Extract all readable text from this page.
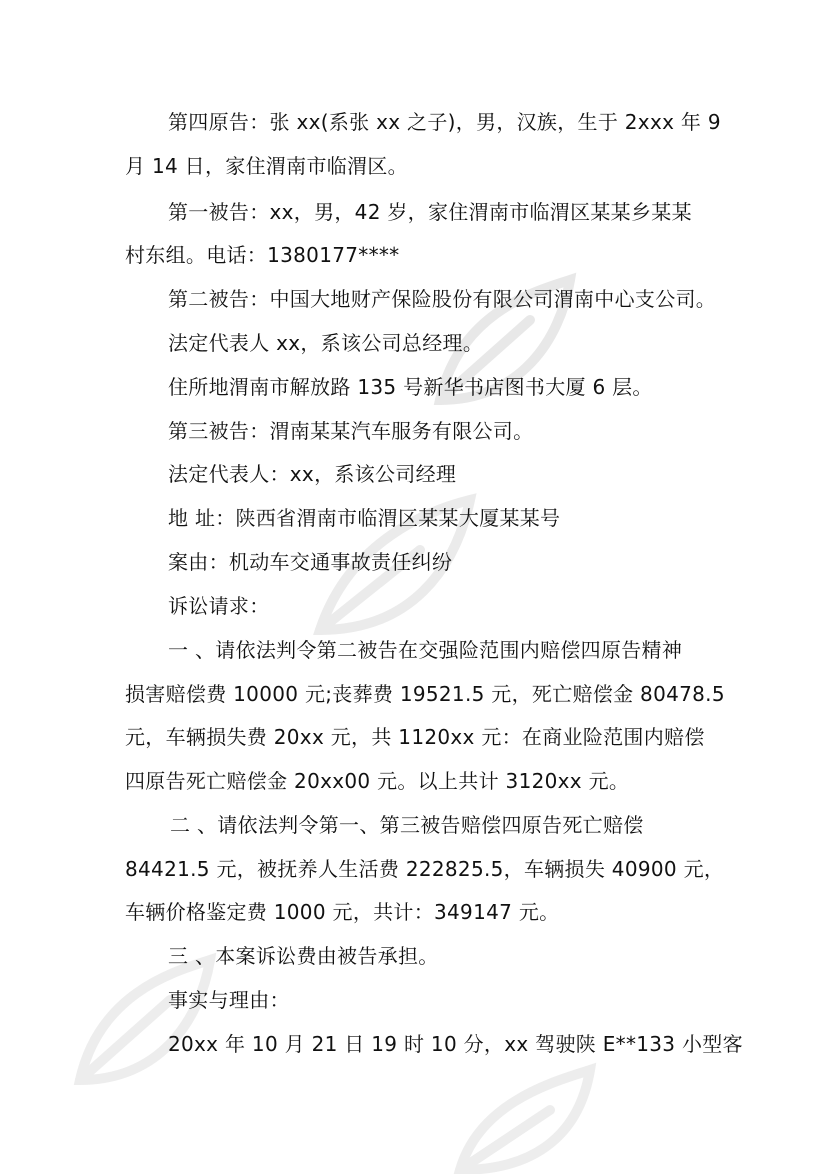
第四原告：张 xx(系张 xx 之子)，男，汉族，生于 2xxx 年 9
月 14 日，家住渭南市临渭区。
第一被告：xx，男，42 岁，家住渭南市临渭区某某乡某某
村东组。电话：1380177****
第二被告：中国大地财产保险股份有限公司渭南中心支公司。
法定代表人 xx，系该公司总经理。
住所地渭南市解放路 135 号新华书店图书大厦 6 层。
第三被告：渭南某某汽车服务有限公司。
法定代表人：xx，系该公司经理
地 址：陕西省渭南市临渭区某某大厦某某号
案由：机动车交通事故责任纠纷
诉讼请求：
一 、请依法判令第二被告在交强险范围内赔偿四原告精神
损害赔偿费 10000 元;丧葬费 19521.5 元，死亡赔偿金 80478.5
元，车辆损失费 20xx 元，共 1120xx 元：在商业险范围内赔偿
四原告死亡赔偿金 20xx00 元。以上共计 3120xx 元。
二 、请依法判令第一、第三被告赔偿四原告死亡赔偿
84421.5 元，被抚养人生活费 222825.5，车辆损失 40900 元，
车辆价格鉴定费 1000 元，共计：349147 元。
三 、本案诉讼费由被告承担。
事实与理由：
20xx 年 10 月 21 日 19 时 10 分，xx 驾驶陕 E**133 小型客
